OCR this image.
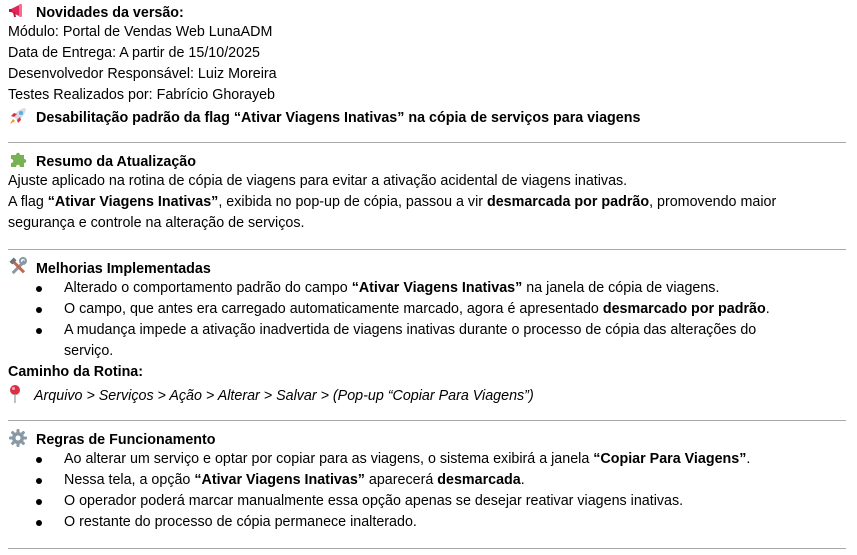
Novidades da versão:
Módulo: Portal de Vendas Web LunaADM
Data de Entrega: A partir de 15/10/2025
Desenvolvedor Responsável: Luiz Moreira
Testes Realizados por: Fabrício Ghorayeb
Desabilitação padrão da flag “Ativar Viagens Inativas” na cópia de serviços para viagens
Resumo da Atualização
Ajuste aplicado na rotina de cópia de viagens para evitar a ativação acidental de viagens inativas.
A flag “Ativar Viagens Inativas”, exibida no pop-up de cópia, passou a vir desmarcada por padrão, promovendo maior
segurança e controle na alteração de serviços.
Melhorias Implementadas
Alterado o comportamento padrão do campo “Ativar Viagens Inativas” na janela de cópia de viagens.
O campo, que antes era carregado automaticamente marcado, agora é apresentado desmarcado por padrão.
A mudança impede a ativação inadvertida de viagens inativas durante o processo de cópia das alterações do
serviço.
Caminho da Rotina:
Arquivo > Serviços > Ação > Alterar > Salvar > (Pop-up “Copiar Para Viagens”)
Regras de Funcionamento
Ao alterar um serviço e optar por copiar para as viagens, o sistema exibirá a janela “Copiar Para Viagens”.
Nessa tela, a opção “Ativar Viagens Inativas” aparecerá desmarcada.
O operador poderá marcar manualmente essa opção apenas se desejar reativar viagens inativas.
O restante do processo de cópia permanece inalterado.
